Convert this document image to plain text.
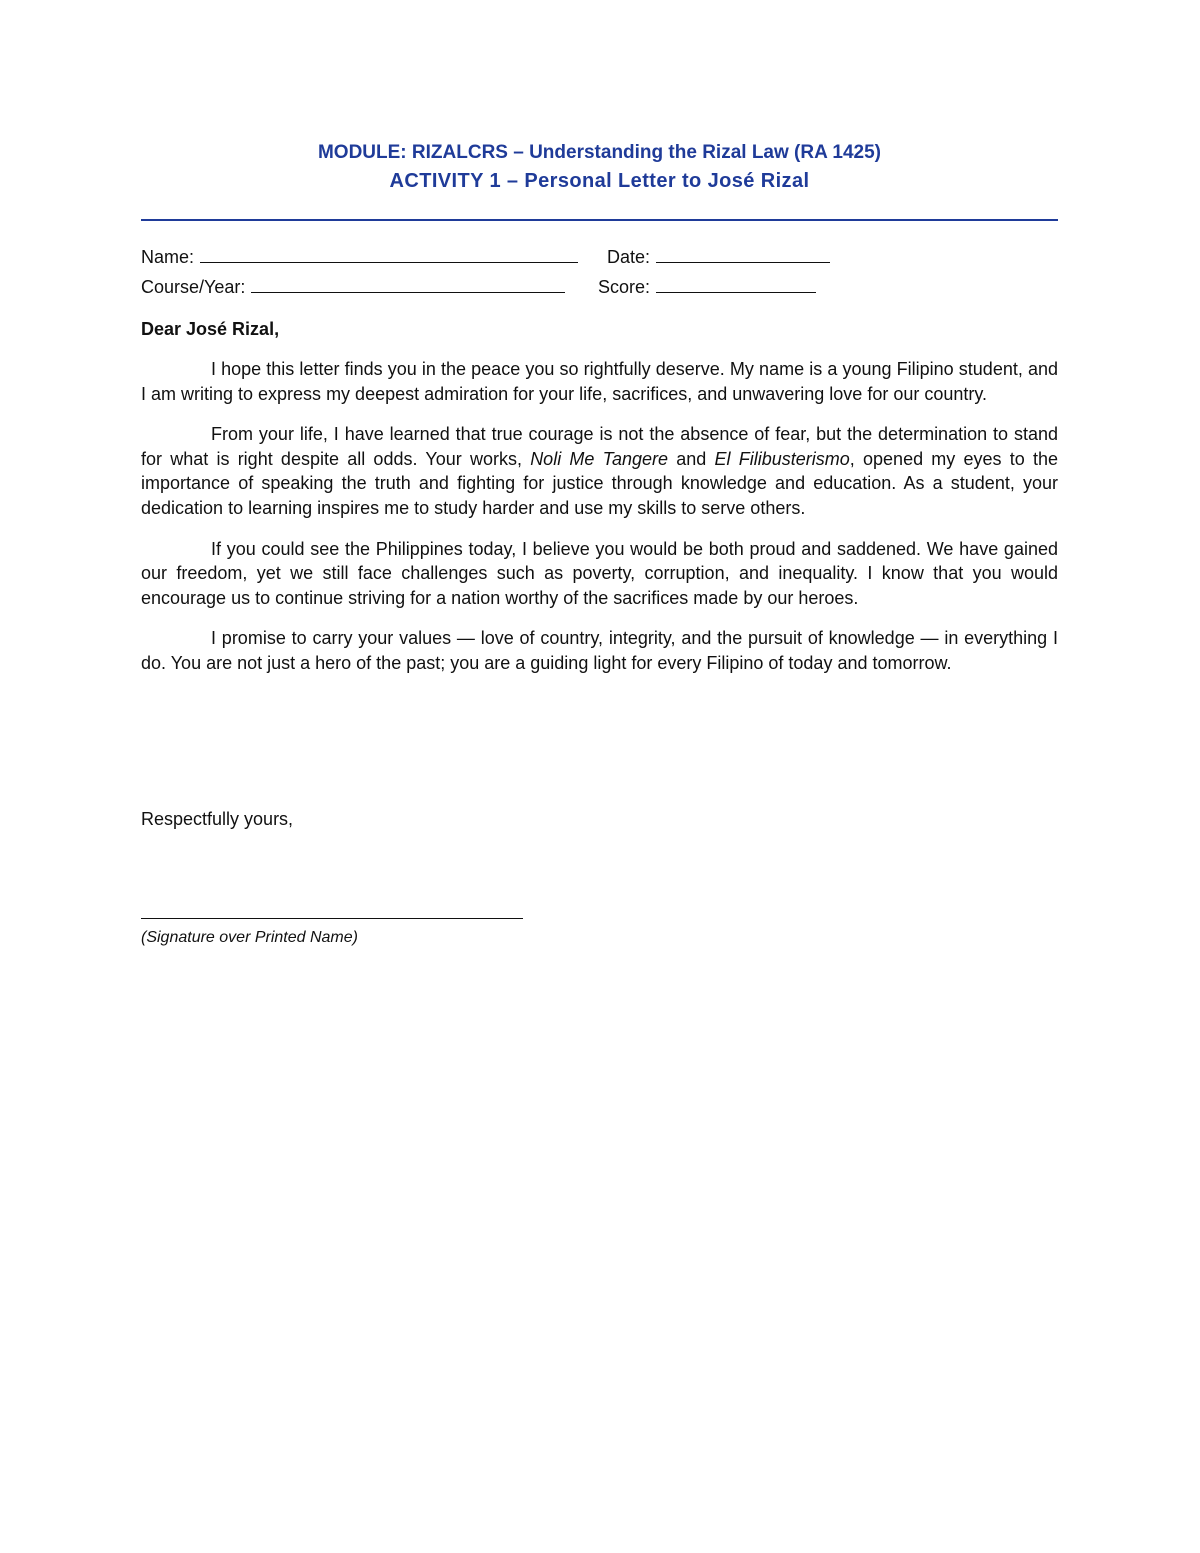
MODULE: RIZALCRS – Understanding the Rizal Law (RA 1425)
ACTIVITY 1 – Personal Letter to José Rizal
Name:	Date:
Course/Year:	Score:
Dear José Rizal,

I hope this letter finds you in the peace you so rightfully deserve. My name is a young Filipino student, and I am writing to express my deepest admiration for your life, sacrifices, and unwavering love for our country.

From your life, I have learned that true courage is not the absence of fear, but the determination to stand for what is right despite all odds. Your works, Noli Me Tangere and El Filibusterismo, opened my eyes to the importance of speaking the truth and fighting for justice through knowledge and education. As a student, your dedication to learning inspires me to study harder and use my skills to serve others.

If you could see the Philippines today, I believe you would be both proud and saddened. We have gained our freedom, yet we still face challenges such as poverty, corruption, and inequality. I know that you would encourage us to continue striving for a nation worthy of the sacrifices made by our heroes.

I promise to carry your values — love of country, integrity, and the pursuit of knowledge — in everything I do. You are not just a hero of the past; you are a guiding light for every Filipino of today and tomorrow.

Respectfully yours,
(Signature over Printed Name)
